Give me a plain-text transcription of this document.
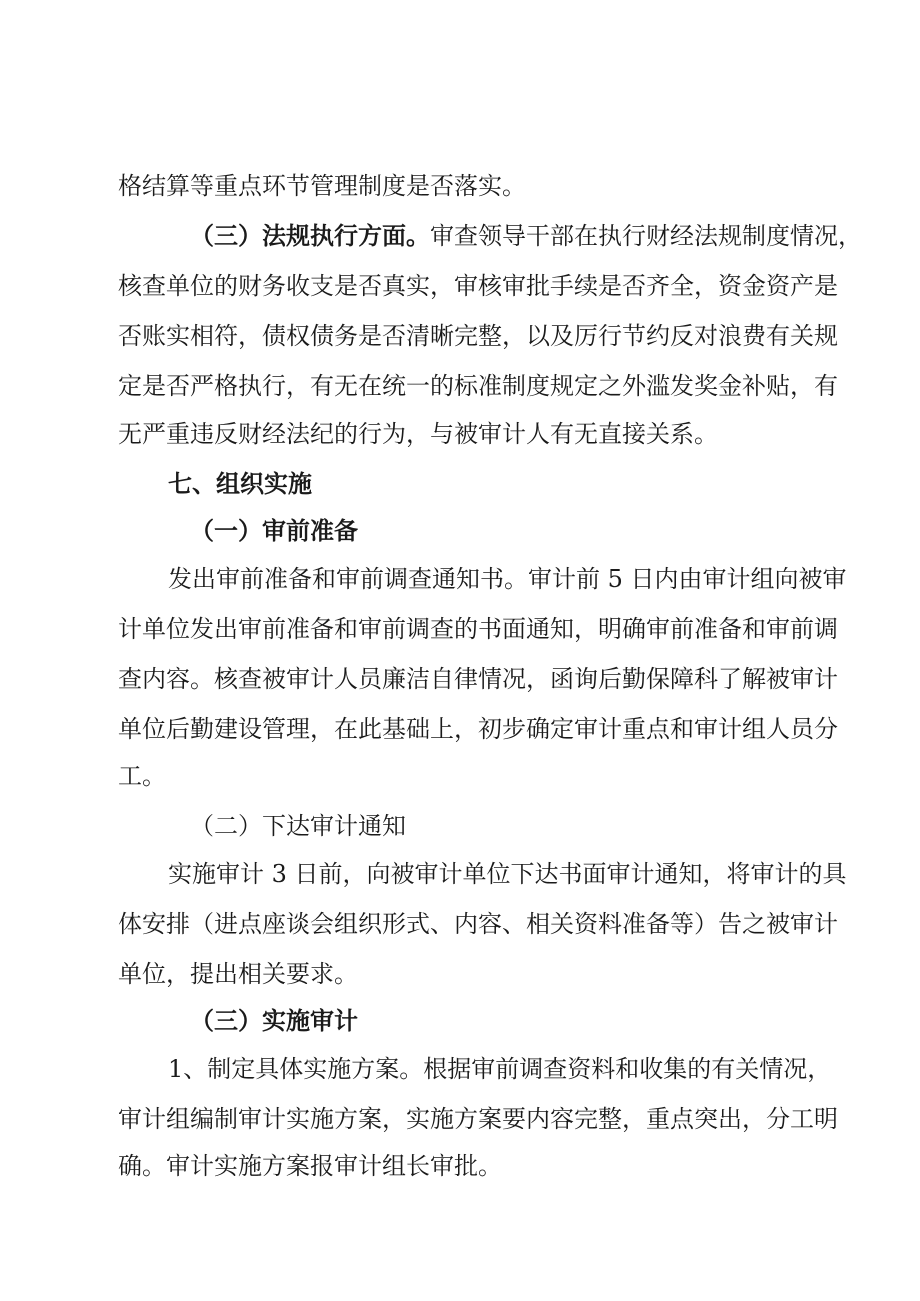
格结算等重点环节管理制度是否落实。
（三）法规执行方面。审查领导干部在执行财经法规制度情况，
核查单位的财务收支是否真实，审核审批手续是否齐全，资金资产是
否账实相符，债权债务是否清晰完整，以及厉行节约反对浪费有关规
定是否严格执行，有无在统一的标准制度规定之外滥发奖金补贴，有
无严重违反财经法纪的行为，与被审计人有无直接关系。
七、组织实施
（一）审前准备
发出审前准备和审前调查通知书。审计前 5 日内由审计组向被审
计单位发出审前准备和审前调查的书面通知，明确审前准备和审前调
查内容。核查被审计人员廉洁自律情况，函询后勤保障科了解被审计
单位后勤建设管理，在此基础上，初步确定审计重点和审计组人员分
工。
（二）下达审计通知
实施审计 3 日前，向被审计单位下达书面审计通知，将审计的具
体安排（进点座谈会组织形式、内容、相关资料准备等）告之被审计
单位，提出相关要求。
（三）实施审计
1、制定具体实施方案。根据审前调查资料和收集的有关情况，
审计组编制审计实施方案，实施方案要内容完整，重点突出，分工明
确。审计实施方案报审计组长审批。
